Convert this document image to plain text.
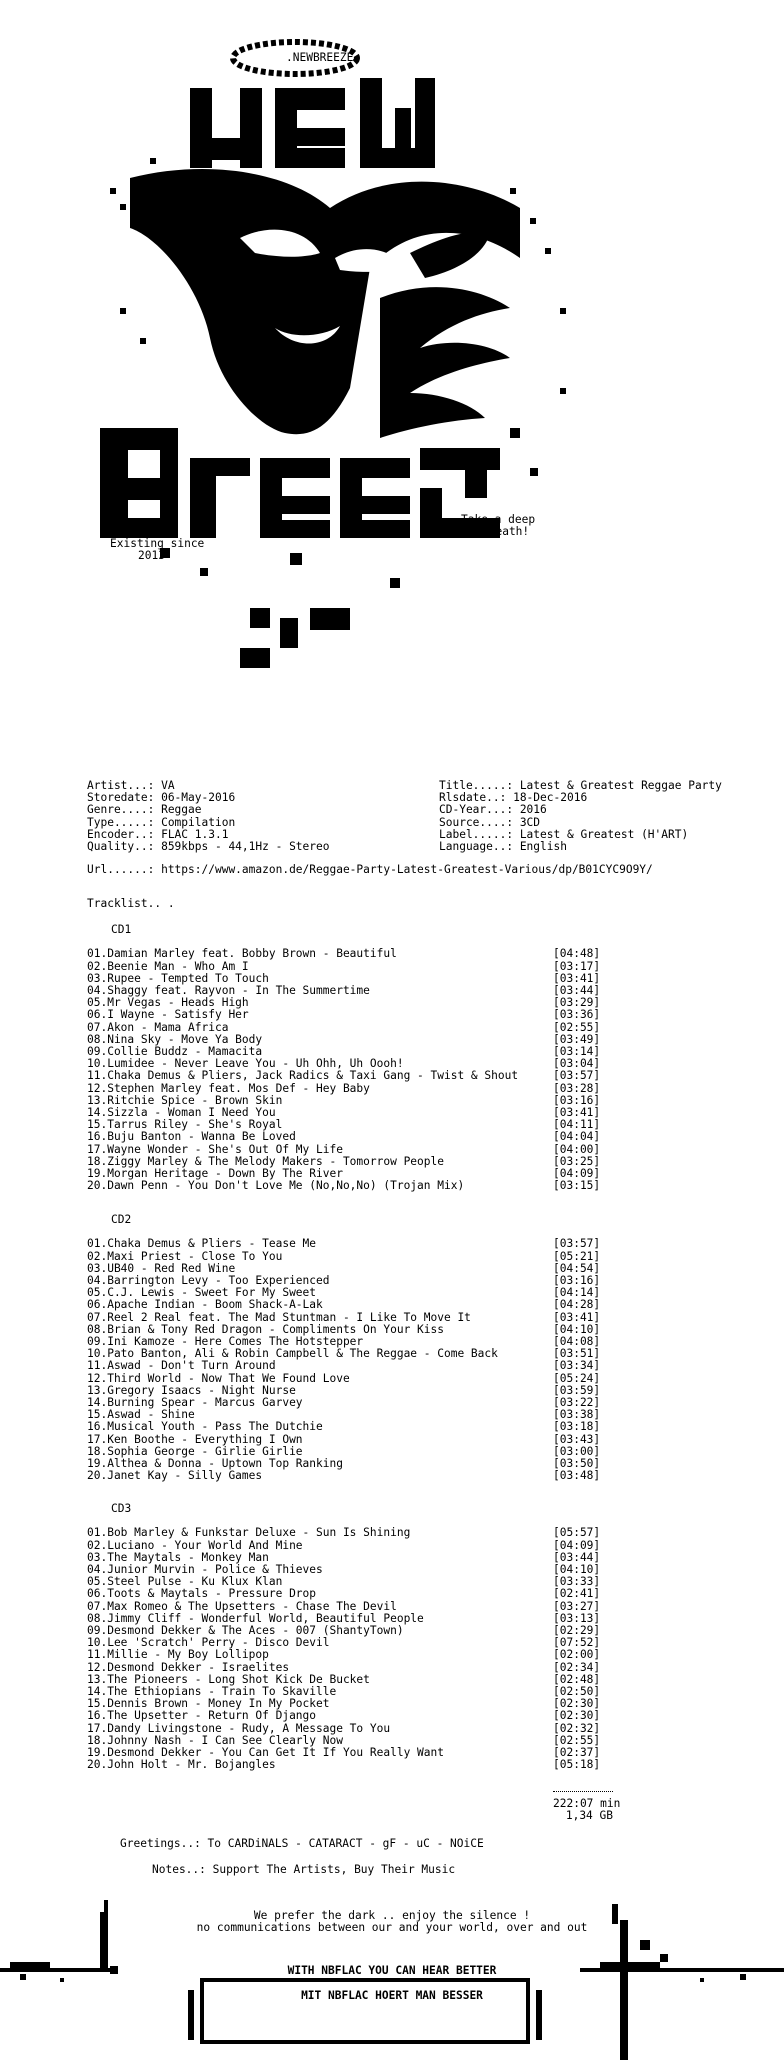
.NEWBREEZE.
Existing since
2013
Take a deep
Breath!
Artist...: VA	Title.....: Latest & Greatest Reggae Party
Storedate: 06-May-2016	Rlsdate..: 18-Dec-2016
Genre....: Reggae	CD-Year...: 2016
Type.....: Compilation	Source....: 3CD
Encoder..: FLAC 1.3.1	Label.....: Latest & Greatest (H'ART)
Quality..: 859kbps - 44,1Hz - Stereo	Language..: English
Url......: https://www.amazon.de/Reggae-Party-Latest-Greatest-Various/dp/B01CYC9O9Y/
Tracklist.. .
CD1
01.Damian Marley feat. Bobby Brown - Beautiful	[04:48]
02.Beenie Man - Who Am I	[03:17]
03.Rupee - Tempted To Touch	[03:41]
04.Shaggy feat. Rayvon - In The Summertime	[03:44]
05.Mr Vegas - Heads High	[03:29]
06.I Wayne - Satisfy Her	[03:36]
07.Akon - Mama Africa	[02:55]
08.Nina Sky - Move Ya Body	[03:49]
09.Collie Buddz - Mamacita	[03:14]
10.Lumidee - Never Leave You - Uh Ohh, Uh Oooh!	[03:04]
11.Chaka Demus & Pliers, Jack Radics & Taxi Gang - Twist & Shout	[03:57]
12.Stephen Marley feat. Mos Def - Hey Baby	[03:28]
13.Ritchie Spice - Brown Skin	[03:16]
14.Sizzla - Woman I Need You	[03:41]
15.Tarrus Riley - She's Royal	[04:11]
16.Buju Banton - Wanna Be Loved	[04:04]
17.Wayne Wonder - She's Out Of My Life	[04:00]
18.Ziggy Marley & The Melody Makers - Tomorrow People	[03:25]
19.Morgan Heritage - Down By The River	[04:09]
20.Dawn Penn - You Don't Love Me (No,No,No) (Trojan Mix)	[03:15]
CD2
01.Chaka Demus & Pliers - Tease Me	[03:57]
02.Maxi Priest - Close To You	[05:21]
03.UB40 - Red Red Wine	[04:54]
04.Barrington Levy - Too Experienced	[03:16]
05.C.J. Lewis - Sweet For My Sweet	[04:14]
06.Apache Indian - Boom Shack-A-Lak	[04:28]
07.Reel 2 Real feat. The Mad Stuntman - I Like To Move It	[03:41]
08.Brian & Tony Red Dragon - Compliments On Your Kiss	[04:10]
09.Ini Kamoze - Here Comes The Hotstepper	[04:08]
10.Pato Banton, Ali & Robin Campbell & The Reggae - Come Back	[03:51]
11.Aswad - Don't Turn Around	[03:34]
12.Third World - Now That We Found Love	[05:24]
13.Gregory Isaacs - Night Nurse	[03:59]
14.Burning Spear - Marcus Garvey	[03:22]
15.Aswad - Shine	[03:38]
16.Musical Youth - Pass The Dutchie	[03:18]
17.Ken Boothe - Everything I Own	[03:43]
18.Sophia George - Girlie Girlie	[03:00]
19.Althea & Donna - Uptown Top Ranking	[03:50]
20.Janet Kay - Silly Games	[03:48]
CD3
01.Bob Marley & Funkstar Deluxe - Sun Is Shining	[05:57]
02.Luciano - Your World And Mine	[04:09]
03.The Maytals - Monkey Man	[03:44]
04.Junior Murvin - Police & Thieves	[04:10]
05.Steel Pulse - Ku Klux Klan	[03:33]
06.Toots & Maytals - Pressure Drop	[02:41]
07.Max Romeo & The Upsetters - Chase The Devil	[03:27]
08.Jimmy Cliff - Wonderful World, Beautiful People	[03:13]
09.Desmond Dekker & The Aces - 007 (ShantyTown)	[02:29]
10.Lee 'Scratch' Perry - Disco Devil	[07:52]
11.Millie - My Boy Lollipop	[02:00]
12.Desmond Dekker - Israelites	[02:34]
13.The Pioneers - Long Shot Kick De Bucket	[02:48]
14.The Ethiopians - Train To Skaville	[02:50]
15.Dennis Brown - Money In My Pocket	[02:30]
16.The Upsetter - Return Of Django	[02:30]
17.Dandy Livingstone - Rudy, A Message To You	[02:32]
18.Johnny Nash - I Can See Clearly Now	[02:55]
19.Desmond Dekker - You Can Get It If You Really Want	[02:37]
20.John Holt - Mr. Bojangles	[05:18]
222:07 min
1,34 GB
Greetings..: To CARDiNALS - CATARACT - gF - uC - NOiCE
Notes..: Support The Artists, Buy Their Music
We prefer the dark .. enjoy the silence !
no communications between our and your world, over and out
WITH NBFLAC YOU CAN HEAR BETTER
MIT NBFLAC HOERT MAN BESSER
